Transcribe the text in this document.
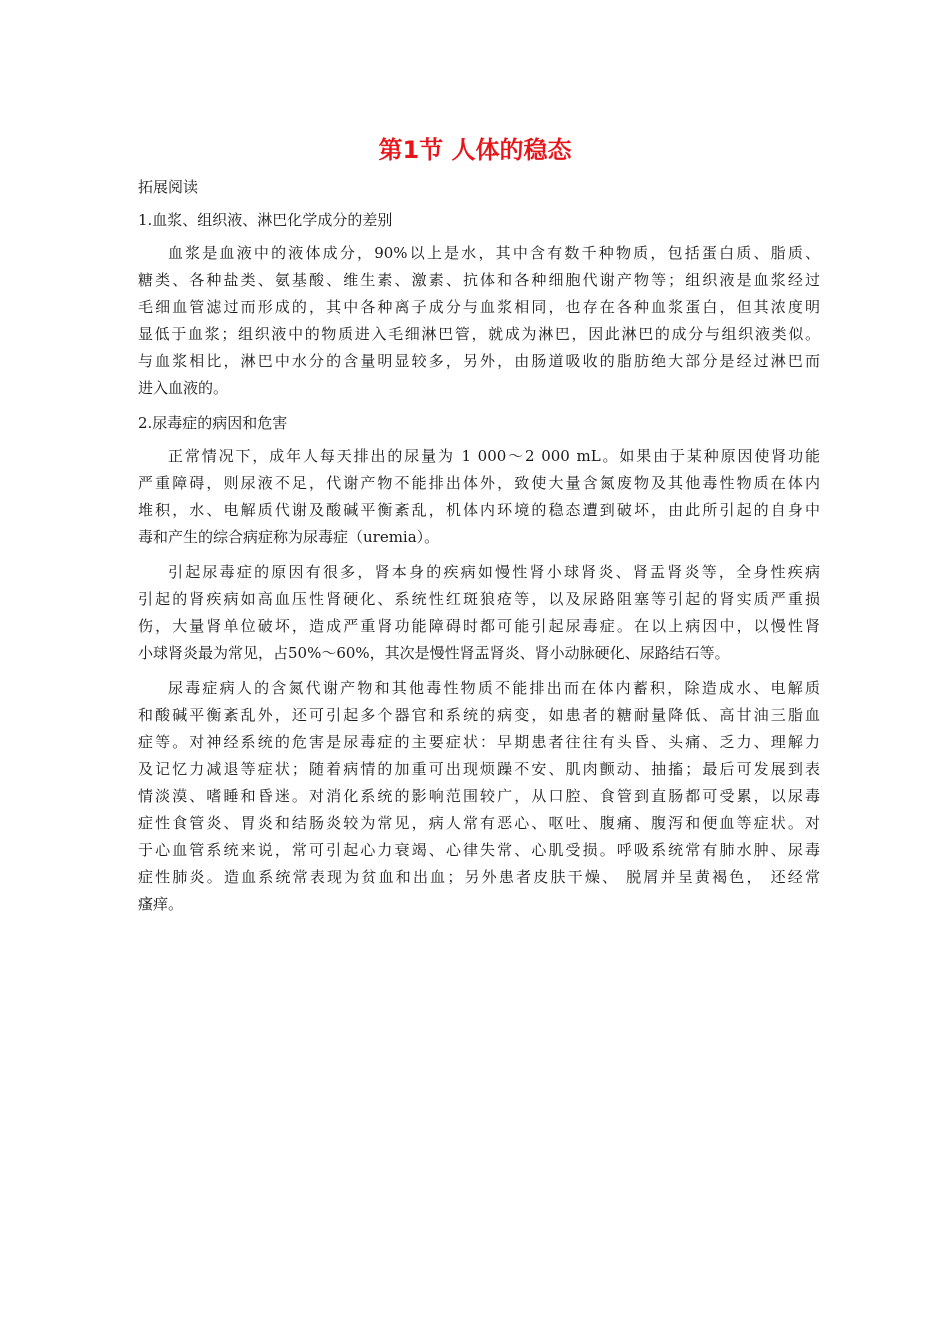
第1节 人体的稳态
拓展阅读
1.血浆、组织液、淋巴化学成分的差别
血浆是血液中的液体成分，90%以上是水，其中含有数千种物质，包括蛋白质、脂质、
糖类、各种盐类、氨基酸、维生素、激素、抗体和各种细胞代谢产物等；组织液是血浆经过
毛细血管滤过而形成的，其中各种离子成分与血浆相同，也存在各种血浆蛋白，但其浓度明
显低于血浆；组织液中的物质进入毛细淋巴管，就成为淋巴，因此淋巴的成分与组织液类似。
与血浆相比，淋巴中水分的含量明显较多，另外，由肠道吸收的脂肪绝大部分是经过淋巴而
进入血液的。
2.尿毒症的病因和危害
正常情况下，成年人每天排出的尿量为 1 000～2 000 mL。如果由于某种原因使肾功能
严重障碍，则尿液不足，代谢产物不能排出体外，致使大量含氮废物及其他毒性物质在体内
堆积，水、电解质代谢及酸碱平衡紊乱，机体内环境的稳态遭到破坏，由此所引起的自身中
毒和产生的综合病症称为尿毒症（uremia）。
引起尿毒症的原因有很多，肾本身的疾病如慢性肾小球肾炎、肾盂肾炎等，全身性疾病
引起的肾疾病如高血压性肾硬化、系统性红斑狼疮等，以及尿路阻塞等引起的肾实质严重损
伤，大量肾单位破坏，造成严重肾功能障碍时都可能引起尿毒症。在以上病因中，以慢性肾
小球肾炎最为常见，占50%～60%，其次是慢性肾盂肾炎、肾小动脉硬化、尿路结石等。
尿毒症病人的含氮代谢产物和其他毒性物质不能排出而在体内蓄积，除造成水、电解质
和酸碱平衡紊乱外，还可引起多个器官和系统的病变，如患者的糖耐量降低、高甘油三脂血
症等。对神经系统的危害是尿毒症的主要症状：早期患者往往有头昏、头痛、乏力、理解力
及记忆力减退等症状；随着病情的加重可出现烦躁不安、肌肉颤动、抽搐；最后可发展到表
情淡漠、嗜睡和昏迷。对消化系统的影响范围较广，从口腔、食管到直肠都可受累，以尿毒
症性食管炎、胃炎和结肠炎较为常见，病人常有恶心、呕吐、腹痛、腹泻和便血等症状。对
于心血管系统来说，常可引起心力衰竭、心律失常、心肌受损。呼吸系统常有肺水肿、尿毒
症性肺炎。造血系统常表现为贫血和出血；另外患者皮肤干燥、 脱屑并呈黄褐色， 还经常
瘙痒。
